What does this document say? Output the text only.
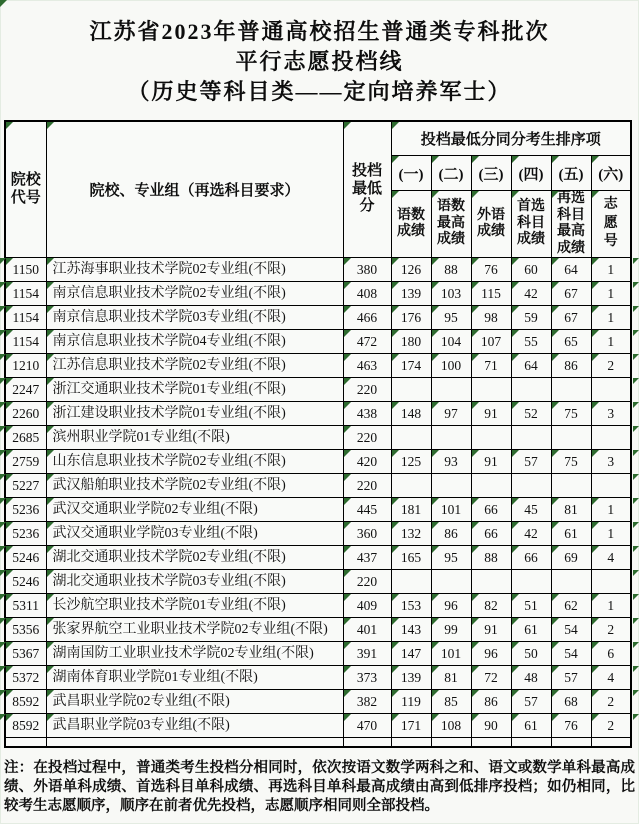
江苏省2023年普通高校招生普通类专科批次
平行志愿投档线
（历史等科目类——定向培养军士）
院校代号	院校、专业组（再选科目要求）	投档最低分	投档最低分同分考生排序项					
			(一)	(二)	(三)	(四)	(五)	(六)

			语数成绩	语数最高成绩	外语成绩	首选科目成绩	再选科目最高成绩	志愿号

1150	江苏海事职业技术学院02专业组(不限)	380	126	88	76	60	64	1
1154	南京信息职业技术学院02专业组(不限)	408	139	103	115	42	67	1
1154	南京信息职业技术学院03专业组(不限)	466	176	95	98	59	67	1
1154	南京信息职业技术学院04专业组(不限)	472	180	104	107	55	65	1
1210	江苏信息职业技术学院02专业组(不限)	463	174	100	71	64	86	2
2247	浙江交通职业技术学院01专业组(不限)	220						
2260	浙江建设职业技术学院01专业组(不限)	438	148	97	91	52	75	3
2685	滨州职业学院01专业组(不限)	220						
2759	山东信息职业技术学院02专业组(不限)	420	125	93	91	57	75	3
5227	武汉船舶职业技术学院02专业组(不限)	220						
5236	武汉交通职业学院02专业组(不限)	445	181	101	66	45	81	1
5236	武汉交通职业学院03专业组(不限)	360	132	86	66	42	61	1
5246	湖北交通职业技术学院02专业组(不限)	437	165	95	88	66	69	4
5246	湖北交通职业技术学院03专业组(不限)	220						
5311	长沙航空职业技术学院01专业组(不限)	409	153	96	82	51	62	1
5356	张家界航空工业职业技术学院02专业组(不限)	401	143	99	91	61	54	2
5367	湖南国防工业职业技术学院02专业组(不限)	391	147	101	96	50	54	6
5372	湖南体育职业学院01专业组(不限)	373	139	81	72	48	57	4
8592	武昌职业学院02专业组(不限)	382	119	85	86	57	68	2
8592	武昌职业学院03专业组(不限)	470	171	108	90	61	76	2

注：在投档过程中，普通类考生投档分相同时，依次按语文数学两科之和、语文或数学单科最高成绩、外语单科成绩、首选科目单科成绩、再选科目单科最高成绩由高到低排序投档；如仍相同，比较考生志愿顺序，顺序在前者优先投档，志愿顺序相同则全部投档。
